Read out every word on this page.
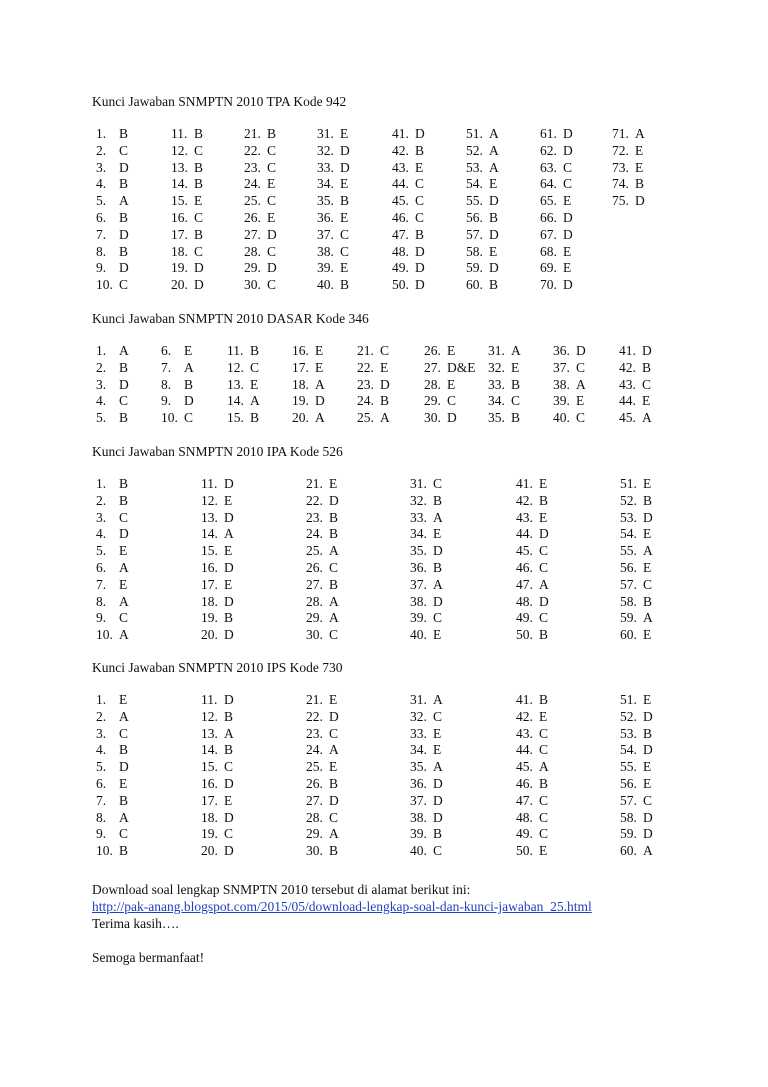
Kunci Jawaban SNMPTN 2010 TPA Kode 942
1. B	11. B	21. B	31. E	41. D	51. A	61. D	71. A
2. C	12. C	22. C	32. D	42. B	52. A	62. D	72. E
3. D	13. B	23. C	33. D	43. E	53. A	63. C	73. E
4. B	14. B	24. E	34. E	44. C	54. E	64. C	74. B
5. A	15. E	25. C	35. B	45. C	55. D	65. E	75. D
6. B	16. C	26. E	36. E	46. C	56. B	66. D
7. D	17. B	27. D	37. C	47. B	57. D	67. D
8. B	18. C	28. C	38. C	48. D	58. E	68. E
9. D	19. D	29. D	39. E	49. D	59. D	69. E
10. C	20. D	30. C	40. B	50. D	60. B	70. D
Kunci Jawaban SNMPTN 2010 DASAR Kode 346
1. A 6. E	11. B 16. E	21. C	26. E 31. A 36. D 41. D
2. B 7. A 12. C 17. E	22. E	27. D&E 32. E	37. C	42. B
3. D 8. B	13. E	18. A 23. D	28. E 33. B 38. A 43. C
4. C 9. D 14. A 19. D 24. B	29. C 34. C 39. E	44. E
5. B 10. C	15. B 20. A 25. A	30. D 35. B 40. C	45. A
Kunci Jawaban SNMPTN 2010 IPA Kode 526
1. B	11. D	21. E	31. C	41. E	51. E
2. B	12. E	22. D	32. B	42. B	52. B
3. C	13. D	23. B	33. A	43. E	53. D
4. D	14. A	24. B	34. E	44. D	54. E
5. E	15. E	25. A	35. D	45. C	55. A
6. A	16. D	26. C	36. B	46. C	56. E
7. E	17. E	27. B	37. A	47. A	57. C
8. A	18. D	28. A	38. D	48. D	58. B
9. C	19. B	29. A	39. C	49. C	59. A
10. A	20. D	30. C	40. E	50. B	60. E
Kunci Jawaban SNMPTN 2010 IPS Kode 730
1. E	11. D	21. E	31. A	41. B	51. E
2. A	12. B	22. D	32. C	42. E	52. D
3. C	13. A	23. C	33. E	43. C	53. B
4. B	14. B	24. A	34. E	44. C	54. D
5. D	15. C	25. E	35. A	45. A	55. E
6. E	16. D	26. B	36. D	46. B	56. E
7. B	17. E	27. D	37. D	47. C	57. C
8. A	18. D	28. C	38. D	48. C	58. D
9. C	19. C	29. A	39. B	49. C	59. D
10. B	20. D	30. B	40. C	50. E	60. A
Download soal lengkap SNMPTN 2010 tersebut di alamat berikut ini:
http://pak-anang.blogspot.com/2015/05/download-lengkap-soal-dan-kunci-jawaban_25.html
Terima kasih….
Semoga bermanfaat!
